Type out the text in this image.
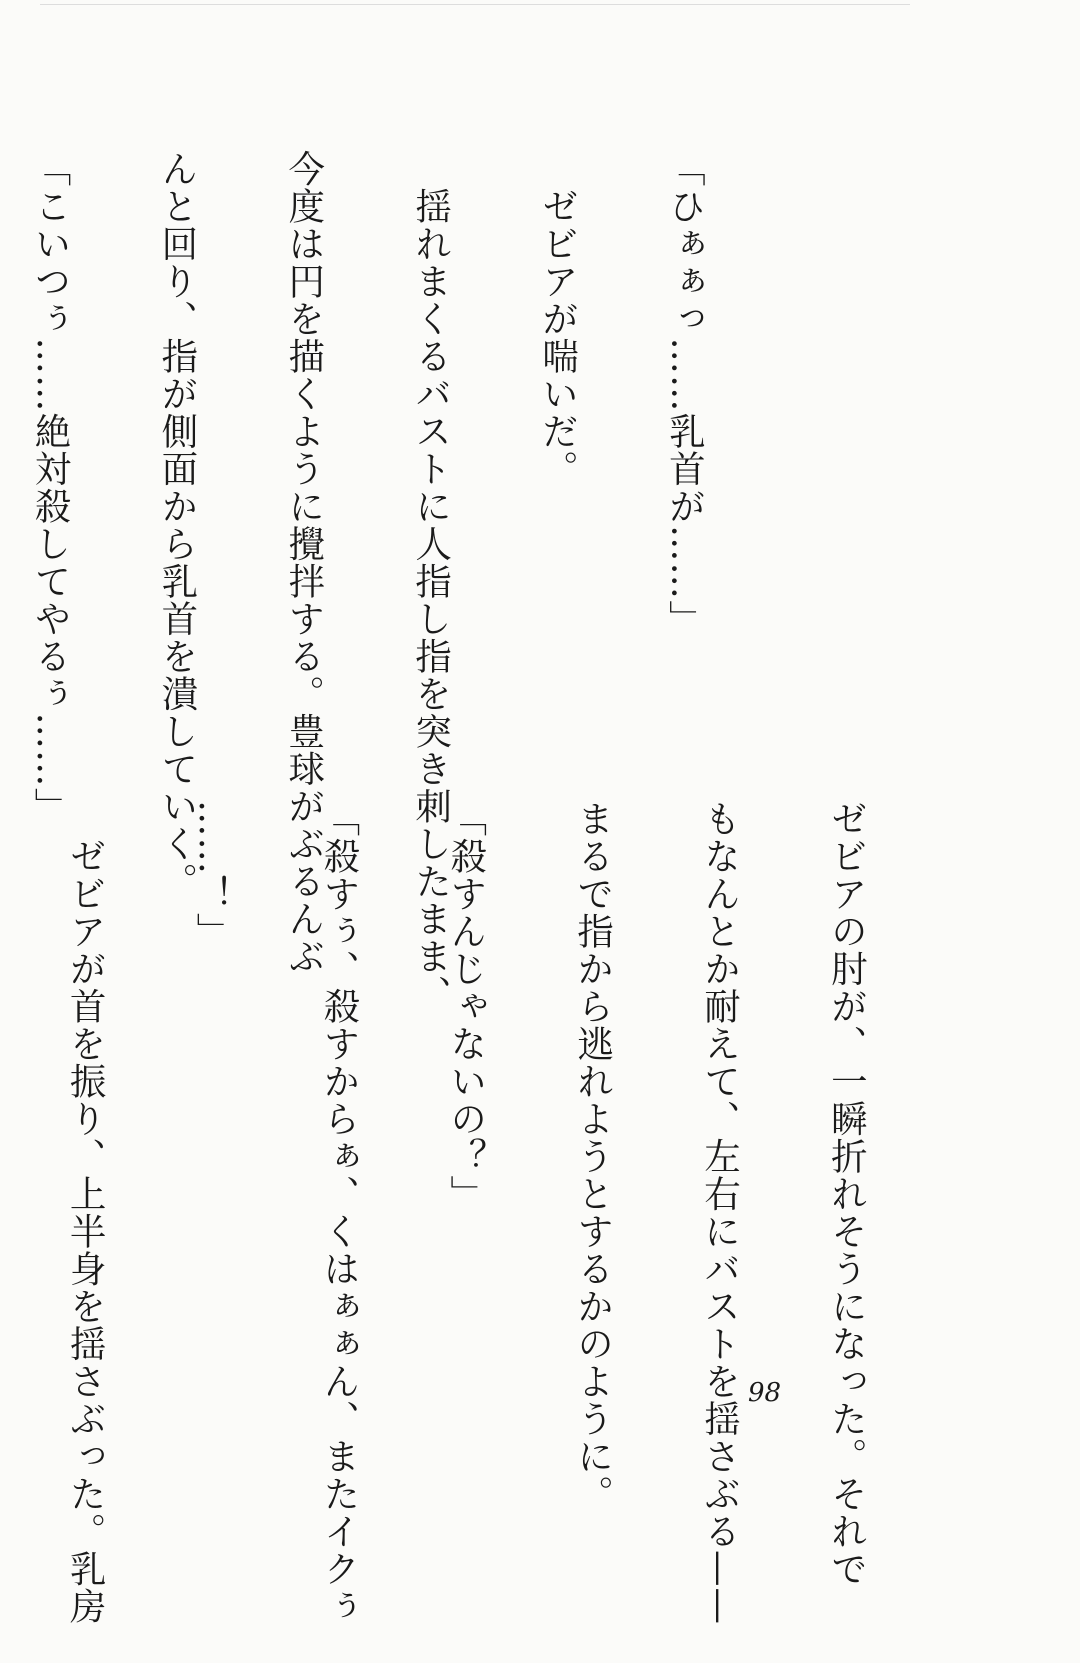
「ひぁぁっ……乳首が……」

　ゼビアが喘いだ。

　揺れまくるバストに人指し指を突き刺したまま、

今度は円を描くように攪拌する。豊球がぶるんぶ

んと回り、指が側面から乳首を潰していく。

「こいつぅ……絶対殺してやるぅ……」

ゼビアの肘が、一瞬折れそうになった。それで

もなんとか耐えて、左右にバストを揺さぶる——

まるで指から逃れようとするかのように。

「殺すんじゃないの？」

「殺すぅ、殺すからぁ、くはぁぁん、またイクぅ

……！」

　ゼビアが首を振り、上半身を揺さぶった。乳房

	98
